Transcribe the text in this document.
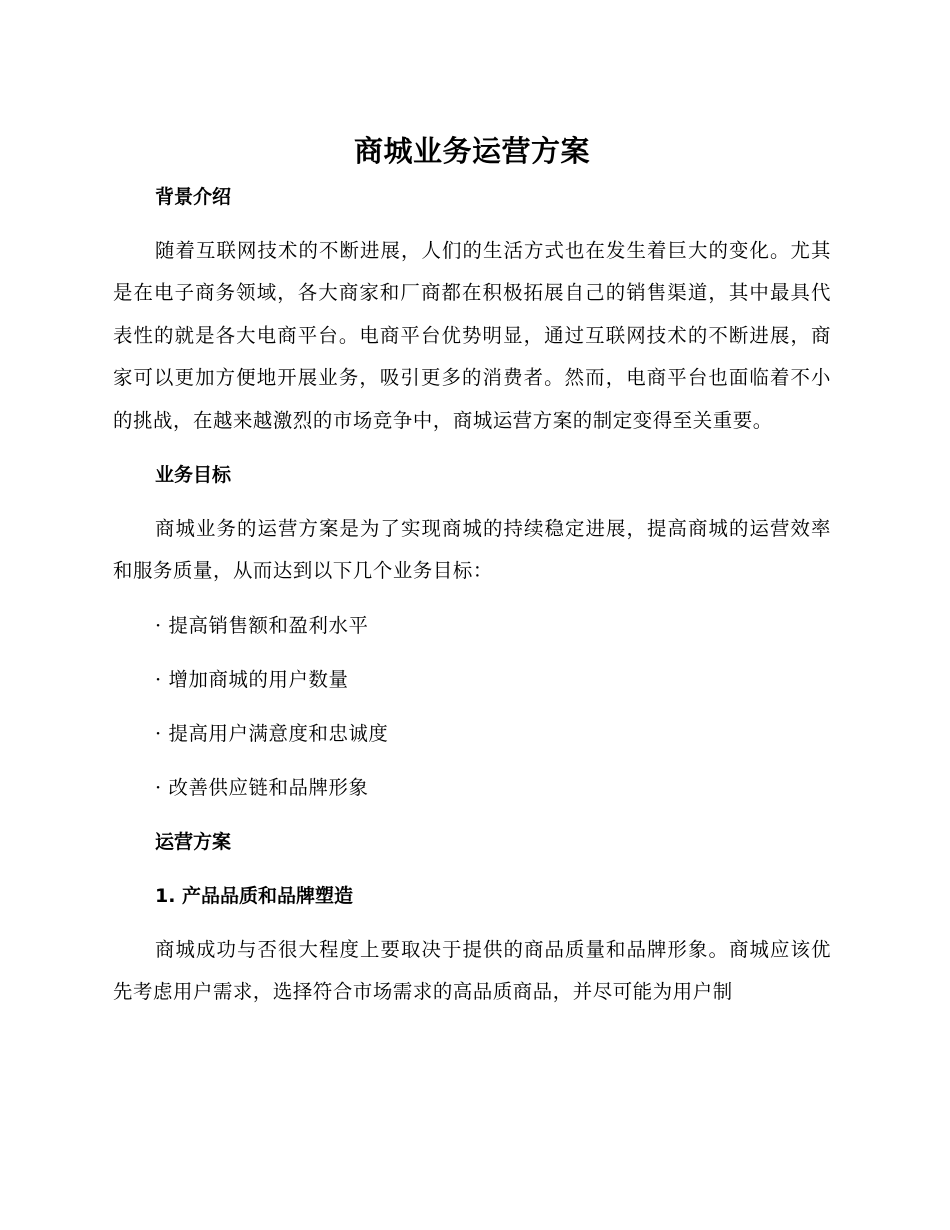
商城业务运营方案
背景介绍

随着互联网技术的不断进展，人们的生活方式也在发生着巨大的变化。尤其是在电子商务领域，各大商家和厂商都在积极拓展自己的销售渠道，其中最具代表性的就是各大电商平台。电商平台优势明显，通过互联网技术的不断进展，商家可以更加方便地开展业务，吸引更多的消费者。然而，电商平台也面临着不小的挑战，在越来越激烈的市场竞争中，商城运营方案的制定变得至关重要。

业务目标

商城业务的运营方案是为了实现商城的持续稳定进展，提高商城的运营效率和服务质量，从而达到以下几个业务目标：

· 提高销售额和盈利水平

· 增加商城的用户数量

· 提高用户满意度和忠诚度

· 改善供应链和品牌形象

运营方案
1. 产品品质和品牌塑造

商城成功与否很大程度上要取决于提供的商品质量和品牌形象。商城应该优先考虑用户需求，选择符合市场需求的高品质商品，并尽可能为用户制
